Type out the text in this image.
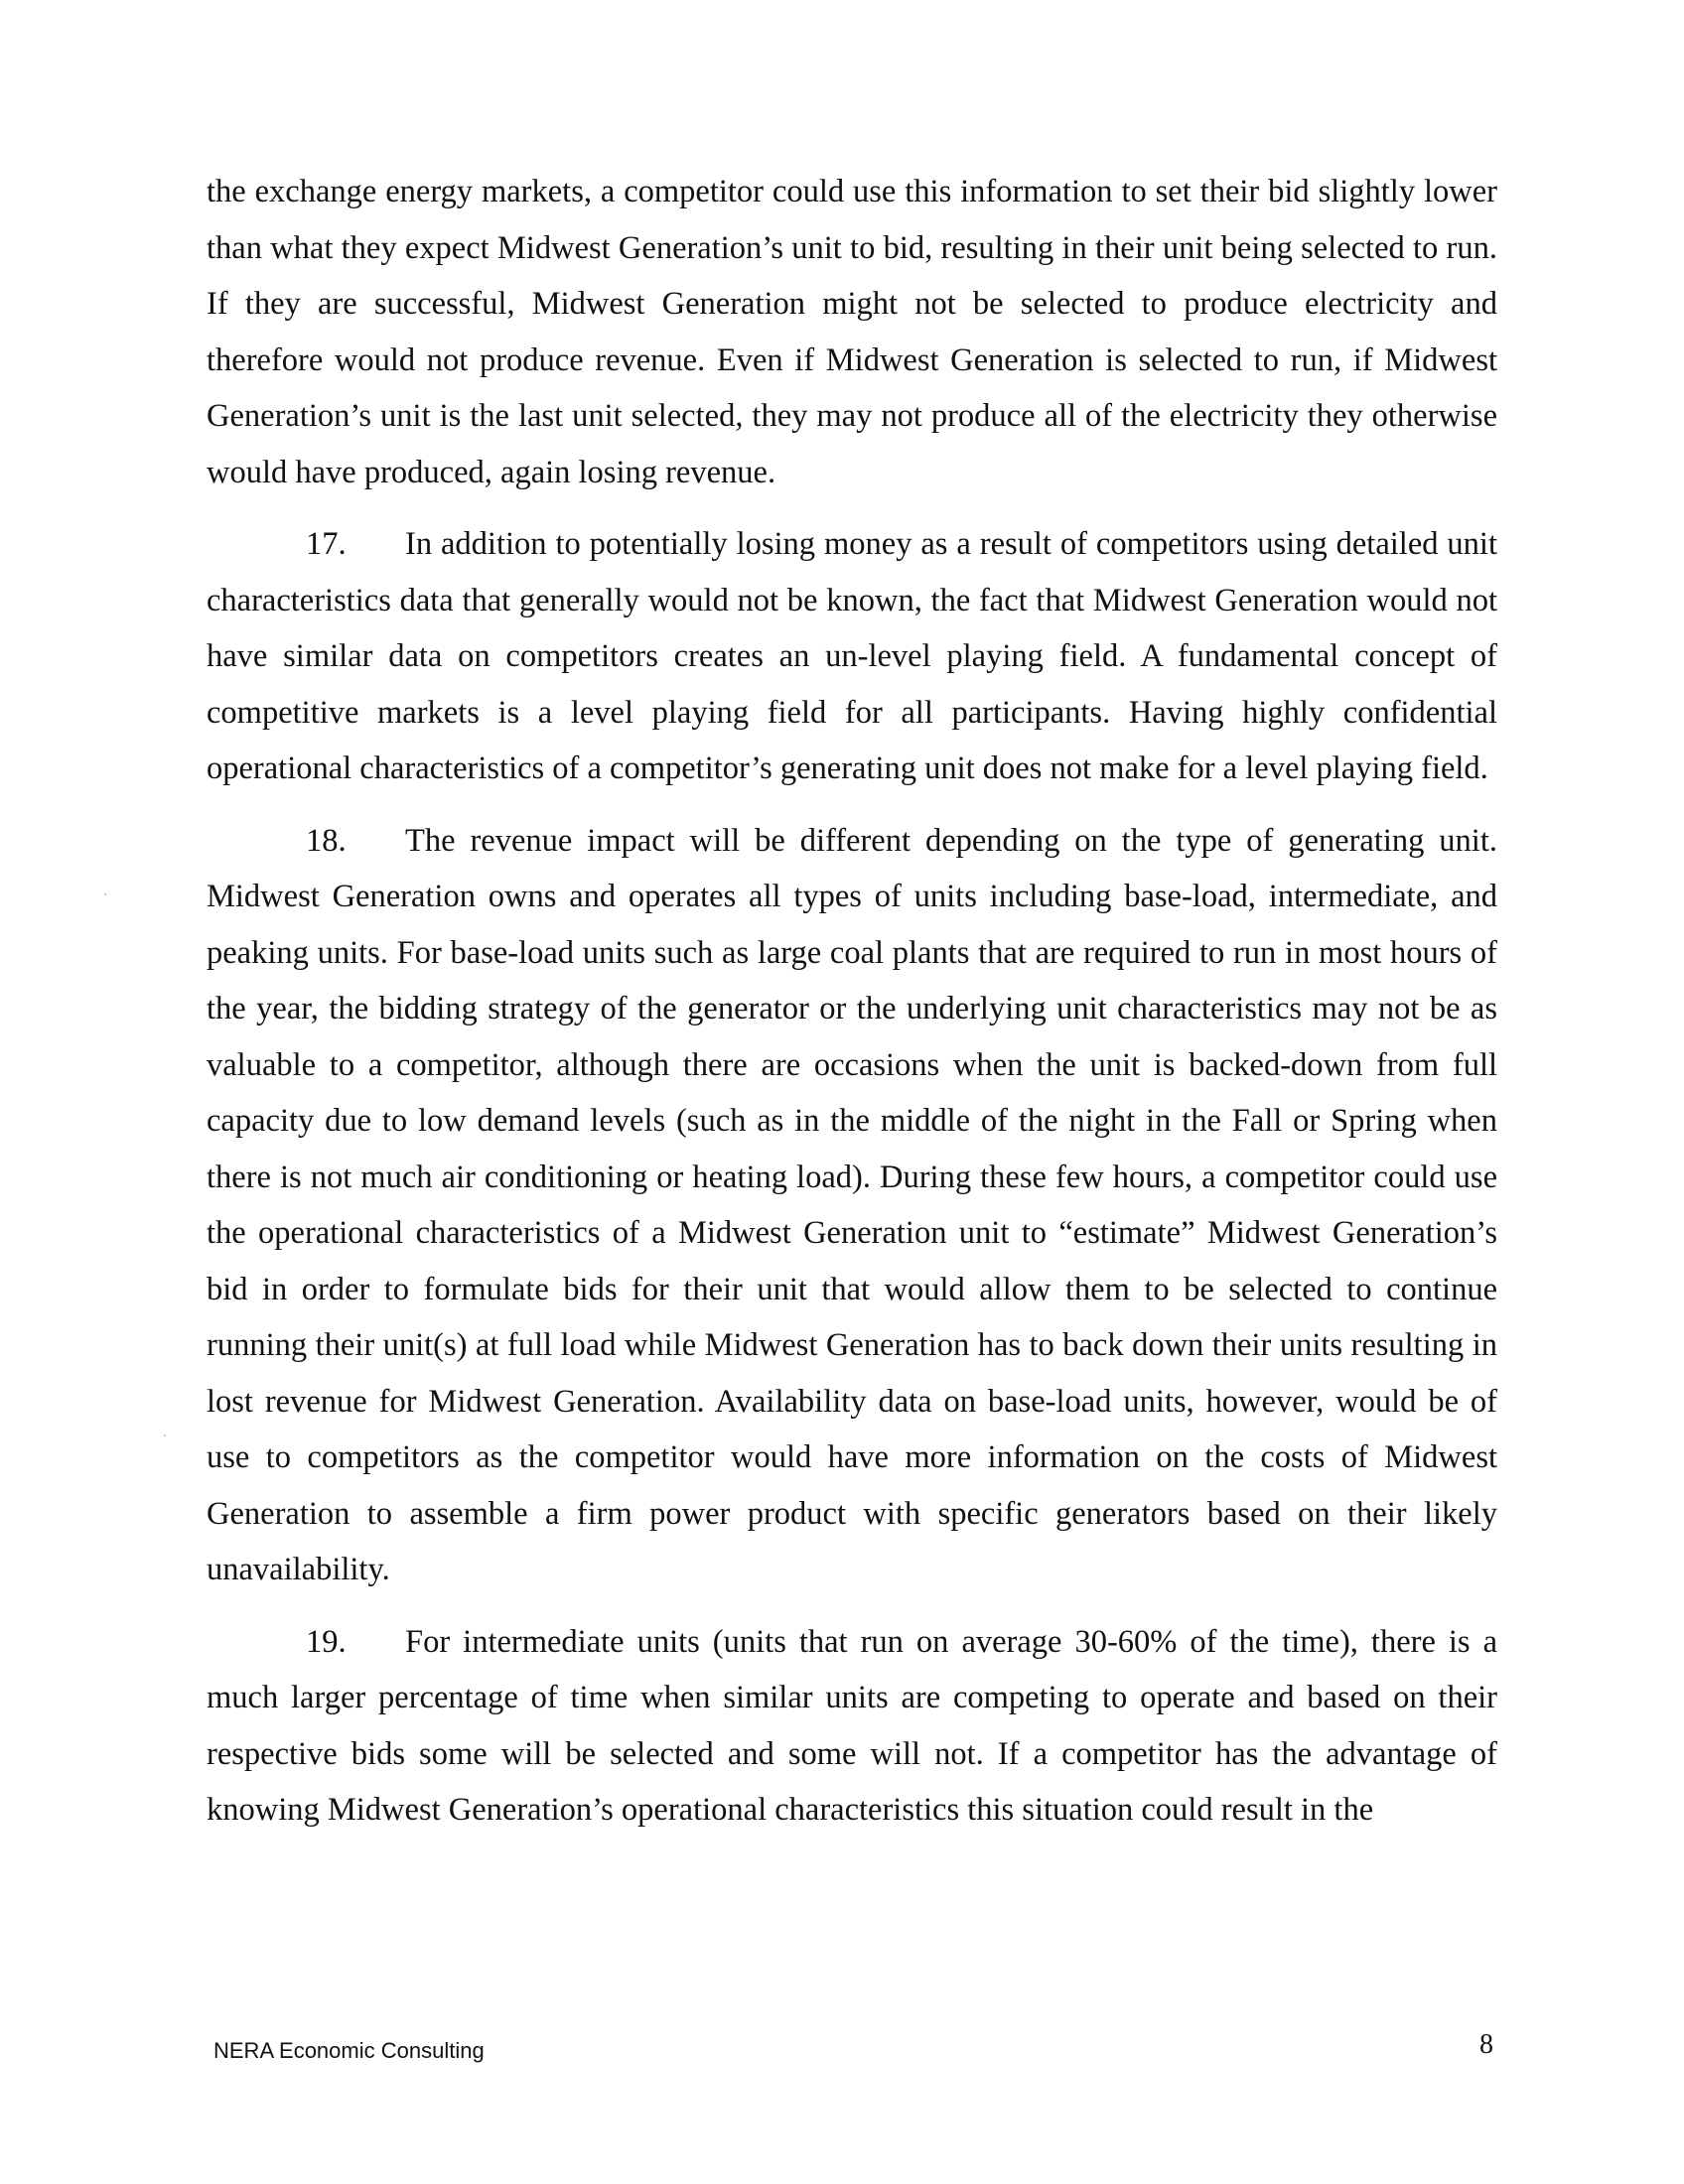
the exchange energy markets, a competitor could use this information to set their bid slightly lower than what they expect Midwest Generation’s unit to bid, resulting in their unit being selected to run. If they are successful, Midwest Generation might not be selected to produce electricity and therefore would not produce revenue. Even if Midwest Generation is selected to run, if Midwest Generation’s unit is the last unit selected, they may not produce all of the electricity they otherwise would have produced, again losing revenue.

17. In addition to potentially losing money as a result of competitors using detailed unit characteristics data that generally would not be known, the fact that Midwest Generation would not have similar data on competitors creates an un-level playing field. A fundamental concept of competitive markets is a level playing field for all participants. Having highly confidential operational characteristics of a competitor’s generating unit does not make for a level playing field.

18. The revenue impact will be different depending on the type of generating unit. Midwest Generation owns and operates all types of units including base-load, intermediate, and peaking units. For base-load units such as large coal plants that are required to run in most hours of the year, the bidding strategy of the generator or the underlying unit characteristics may not be as valuable to a competitor, although there are occasions when the unit is backed-down from full capacity due to low demand levels (such as in the middle of the night in the Fall or Spring when there is not much air conditioning or heating load). During these few hours, a competitor could use the operational characteristics of a Midwest Generation unit to “estimate” Midwest Generation’s bid in order to formulate bids for their unit that would allow them to be selected to continue running their unit(s) at full load while Midwest Generation has to back down their units resulting in lost revenue for Midwest Generation. Availability data on base-load units, however, would be of use to competitors as the competitor would have more information on the costs of Midwest Generation to assemble a firm power product with specific generators based on their likely unavailability.

19. For intermediate units (units that run on average 30-60% of the time), there is a much larger percentage of time when similar units are competing to operate and based on their respective bids some will be selected and some will not. If a competitor has the advantage of knowing Midwest Generation’s operational characteristics this situation could result in the

NERA Economic Consulting	8
